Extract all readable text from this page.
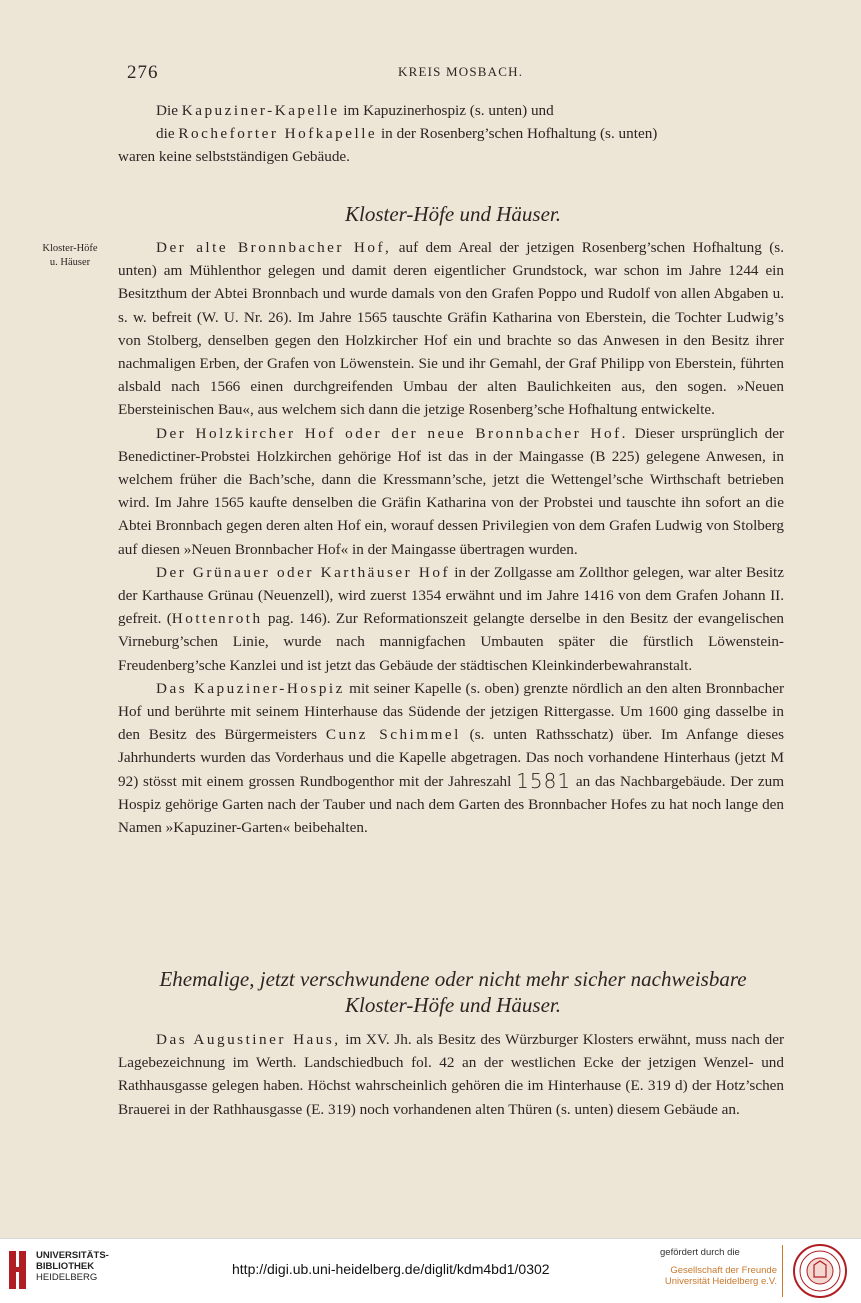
276	KREIS MOSBACH.

Die Kapuziner-Kapelle im Kapuzinerhospiz (s. unten) und

die Rocheforter Hofkapelle in der Rosenberg’schen Hofhaltung (s. unten)

waren keine selbstständigen Gebäude.

Kloster-Höfe und Häuser.
Kloster-Höfe
u. Häuser

Der alte Bronnbacher Hof, auf dem Areal der jetzigen Rosenberg’schen Hofhaltung (s. unten) am Mühlenthor gelegen und damit deren eigentlicher Grundstock, war schon im Jahre 1244 ein Besitzthum der Abtei Bronnbach und wurde damals von den Grafen Poppo und Rudolf von allen Abgaben u. s. w. befreit (W. U. Nr. 26). Im Jahre 1565 tauschte Gräfin Katharina von Eberstein, die Tochter Ludwig’s von Stolberg, denselben gegen den Holzkircher Hof ein und brachte so das Anwesen in den Besitz ihrer nachmaligen Erben, der Grafen von Löwenstein. Sie und ihr Gemahl, der Graf Philipp von Eberstein, führten alsbald nach 1566 einen durchgreifenden Umbau der alten Baulichkeiten aus, den sogen. »Neuen Ebersteinischen Bau«, aus welchem sich dann die jetzige Rosenberg’sche Hofhaltung entwickelte.

Der Holzkircher Hof oder der neue Bronnbacher Hof. Dieser ursprünglich der Benedictiner-Probstei Holzkirchen gehörige Hof ist das in der Maingasse (B 225) gelegene Anwesen, in welchem früher die Bach’sche, dann die Kressmann’sche, jetzt die Wettengel’sche Wirthschaft betrieben wird. Im Jahre 1565 kaufte denselben die Gräfin Katharina von der Probstei und tauschte ihn sofort an die Abtei Bronnbach gegen deren alten Hof ein, worauf dessen Privilegien von dem Grafen Ludwig von Stolberg auf diesen »Neuen Bronnbacher Hof« in der Maingasse übertragen wurden.

Der Grünauer oder Karthäuser Hof in der Zollgasse am Zollthor gelegen, war alter Besitz der Karthause Grünau (Neuenzell), wird zuerst 1354 erwähnt und im Jahre 1416 von dem Grafen Johann II. gefreit. (Hottenroth pag. 146). Zur Reformationszeit gelangte derselbe in den Besitz der evangelischen Virneburg’schen Linie, wurde nach mannigfachen Umbauten später die fürstlich Löwenstein-Freudenberg’sche Kanzlei und ist jetzt das Gebäude der städtischen Kleinkinderbewahranstalt.

Das Kapuziner-Hospiz mit seiner Kapelle (s. oben) grenzte nördlich an den alten Bronnbacher Hof und berührte mit seinem Hinterhause das Südende der jetzigen Rittergasse. Um 1600 ging dasselbe in den Besitz des Bürgermeisters Cunz Schimmel (s. unten Rathsschatz) über. Im Anfange dieses Jahrhunderts wurden das Vorderhaus und die Kapelle abgetragen. Das noch vorhandene Hinterhaus (jetzt M 92) stösst mit einem grossen Rundbogenthor mit der Jahreszahl 1581 an das Nachbargebäude. Der zum Hospiz gehörige Garten nach der Tauber und nach dem Garten des Bronnbacher Hofes zu hat noch lange den Namen »Kapuziner-Garten« beibehalten.

Ehemalige, jetzt verschwundene oder nicht mehr sicher nachweisbare
Kloster-Höfe und Häuser.

Das Augustiner Haus, im XV. Jh. als Besitz des Würzburger Klosters erwähnt, muss nach der Lagebezeichnung im Werth. Landschiedbuch fol. 42 an der westlichen Ecke der jetzigen Wenzel- und Rathhausgasse gelegen haben. Höchst wahrscheinlich gehören die im Hinterhause (E. 319 d) der Hotz’schen Brauerei in der Rathhausgasse (E. 319) noch vorhandenen alten Thüren (s. unten) diesem Gebäude an.

UNIVERSITÄTS-
BIBLIOTHEK
HEIDELBERG
http://digi.ub.uni-heidelberg.de/diglit/kdm4bd1/0302
gefördert durch die
Gesellschaft der Freunde
Universität Heidelberg e.V.
